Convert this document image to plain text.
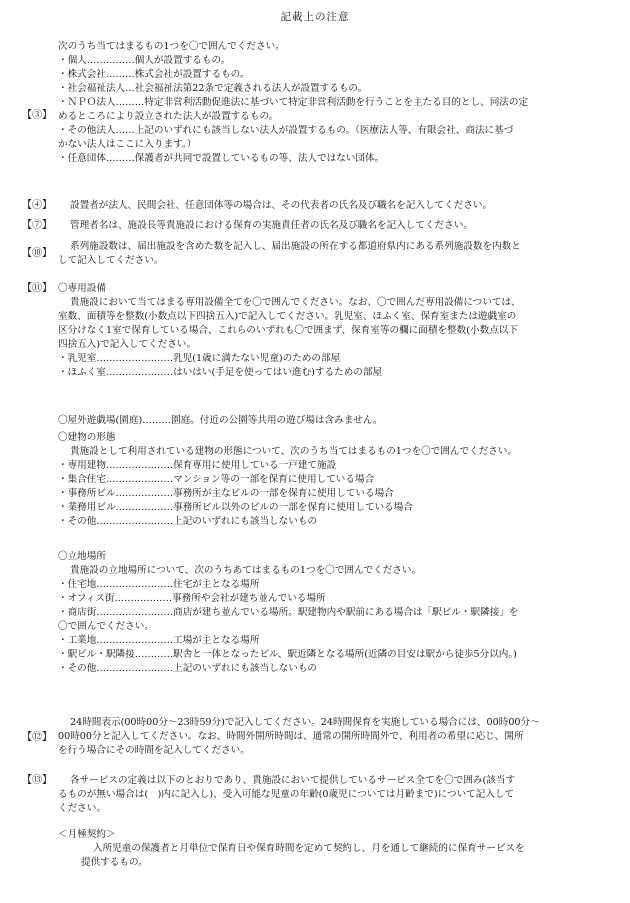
記載上の注意
【③】

次のうち当てはまるもの1つを〇で囲んでください。

・個人……………個人が設置するもの。

・株式会社………株式会社が設置するもの。

・社会福祉法人…社会福祉法第22条で定義される法人が設置するもの。

・ＮＰＯ法人………特定非営利活動促進法に基づいて特定非営利活動を行うことを主たる目的とし、同法の定

めるところにより設立された法人が設置するもの。

・その他法人……上記のいずれにも該当しない法人が設置するもの。（医療法人等、有限会社、商法に基づ

かない法人はここに入ります。）

・任意団体………保護者が共同で設置しているもの等、法人ではない団体。

【④】	設置者が法人、民間会社、任意団体等の場合は、その代表者の氏名及び職名を記入してください。

【⑦】	管理者名は、施設長等貴施設における保育の実施責任者の氏名及び職名を記入してください。

【⑩】

系列施設数は、届出施設を含めた数を記入し、届出施設の所在する都道府県内にある系列施設数を内数と

して記入してください。

【⑪】 〇専用設備

貴施設において当てはまる専用設備全てを〇で囲んでください。なお、〇で囲んだ専用設備については、

室数、面積等を整数(小数点以下四捨五入)で記入してください。乳児室、ほふく室、保育室または遊戯室の

区分けなく1室で保育している場合、これらのいずれも〇で囲まず、保育室等の欄に面積を整数(小数点以下

四捨五入)で記入してください。

・乳児室……………………乳児(1歳に満たない児童)のための部屋

・ほふく室…………………はいはい(手足を使ってはい進む)するための部屋

〇屋外遊戯場(園庭)………園庭。付近の公園等共用の遊び場は含みません。

〇建物の形態

貴施設として利用されている建物の形態について、次のうち当てはまるもの1つを〇で囲んでください。

・専用建物…………………保育専用に使用している一戸建て施設

・集合住宅…………………マンション等の一部を保育に使用している場合

・事務所ビル………………事務所が主なビルの一部を保育に使用している場合

・業務用ビル………………事務所ビル以外のビルの一部を保育に使用している場合

・その他……………………上記のいずれにも該当しないもの

〇立地場所

貴施設の立地場所について、次のうちあてはまるもの1つを〇で囲んでください。

・住宅地……………………住宅が主となる場所

・オフィス街………………事務所や会社が建ち並んでいる場所

・商店街……………………商店が建ち並んでいる場所。駅建物内や駅前にある場合は「駅ビル・駅隣接」を

〇で囲んでください。

・工業地……………………工場が主となる場所

・駅ビル・駅隣接…………駅舎と一体となったビル、駅近隣となる場所(近隣の目安は駅から徒歩5分以内。)

・その他……………………上記のいずれにも該当しないもの

【⑫】

24時間表示(00時00分～23時59分)で記入してください。24時間保育を実施している場合には、00時00分～

00時00分と記入してください。なお、時間外開所時間は、通常の開所時間外で、利用者の希望に応じ、開所

を行う場合にその時間を記入してください。

【⑬】	各サービスの定義は以下のとおりであり、貴施設において提供しているサービス全てを〇で囲み(該当す

るものが無い場合は(　)内に記入し)、受入可能な児童の年齢(0歳児については月齢まで)について記入して

ください。

＜月極契約＞

入所児童の保護者と月単位で保育日や保育時間を定めて契約し、月を通して継続的に保育サービスを

提供するもの。
